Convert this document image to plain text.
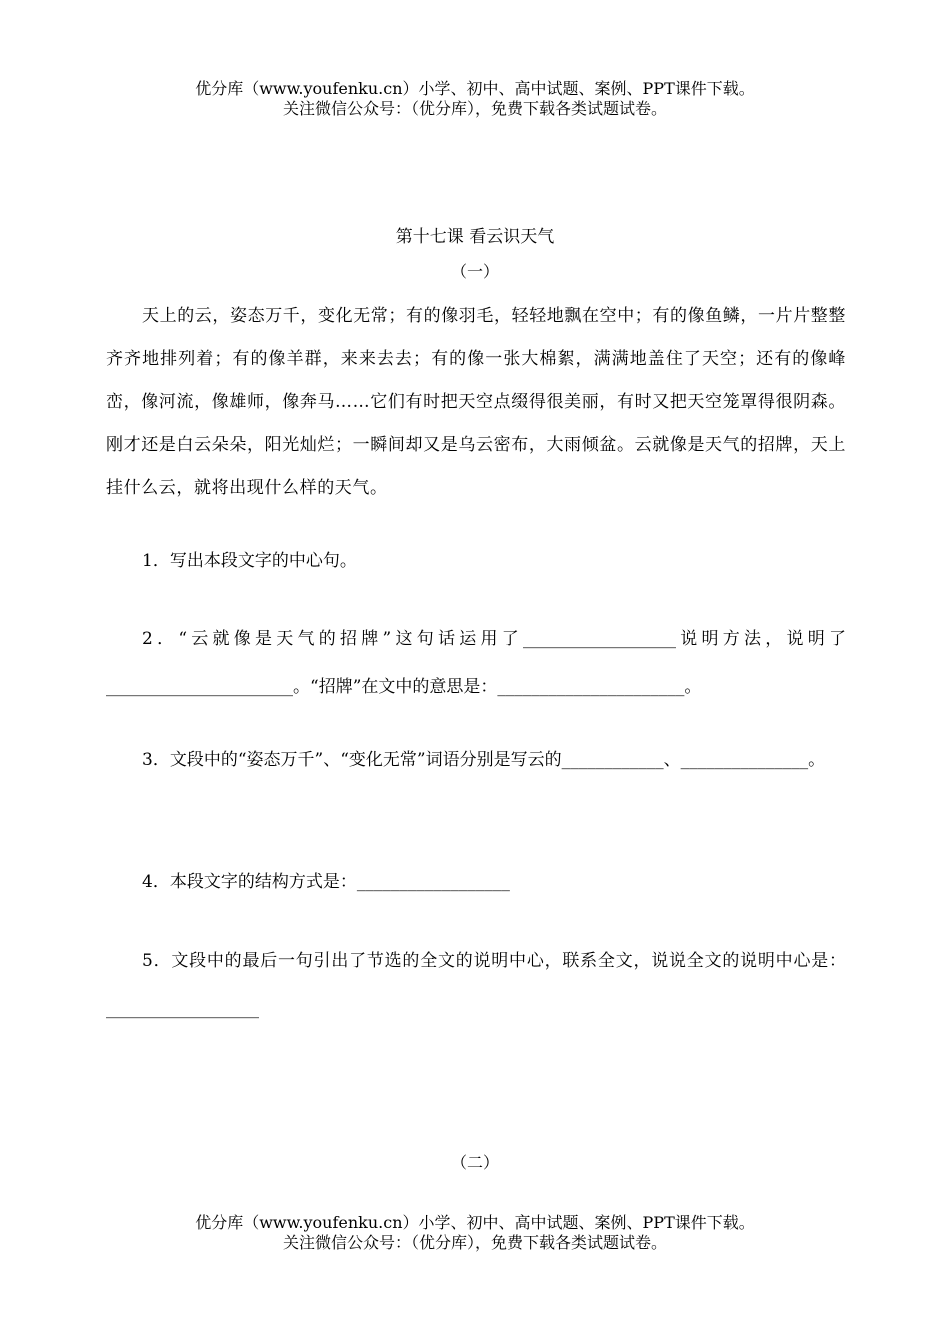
优分库（www.youfenku.cn）小学、初中、高中试题、案例、PPT课件下载。
关注微信公众号：（优分库），免费下载各类试题试卷。
第十七课 看云识天气
（一）
天上的云，姿态万千，变化无常；有的像羽毛，轻轻地飘在空中；有的像鱼鳞，一片片整整齐齐地排列着；有的像羊群，来来去去；有的像一张大棉絮，满满地盖住了天空；还有的像峰峦，像河流，像雄师，像奔马……它们有时把天空点缀得很美丽，有时又把天空笼罩得很阴森。刚才还是白云朵朵，阳光灿烂；一瞬间却又是乌云密布，大雨倾盆。云就像是天气的招牌，天上挂什么云，就将出现什么样的天气。
1．写出本段文字的中心句。
2．“云就像是天气的招牌”这句话运用了__________________说明方法，说明了______________________。“招牌”在文中的意思是：______________________。
3．文段中的“姿态万千”、“变化无常”词语分别是写云的____________、_______________。
4．本段文字的结构方式是：__________________
5．文段中的最后一句引出了节选的全文的说明中心，联系全文，说说全文的说明中心是：__________________
（二）
优分库（www.youfenku.cn）小学、初中、高中试题、案例、PPT课件下载。
关注微信公众号：（优分库），免费下载各类试题试卷。
